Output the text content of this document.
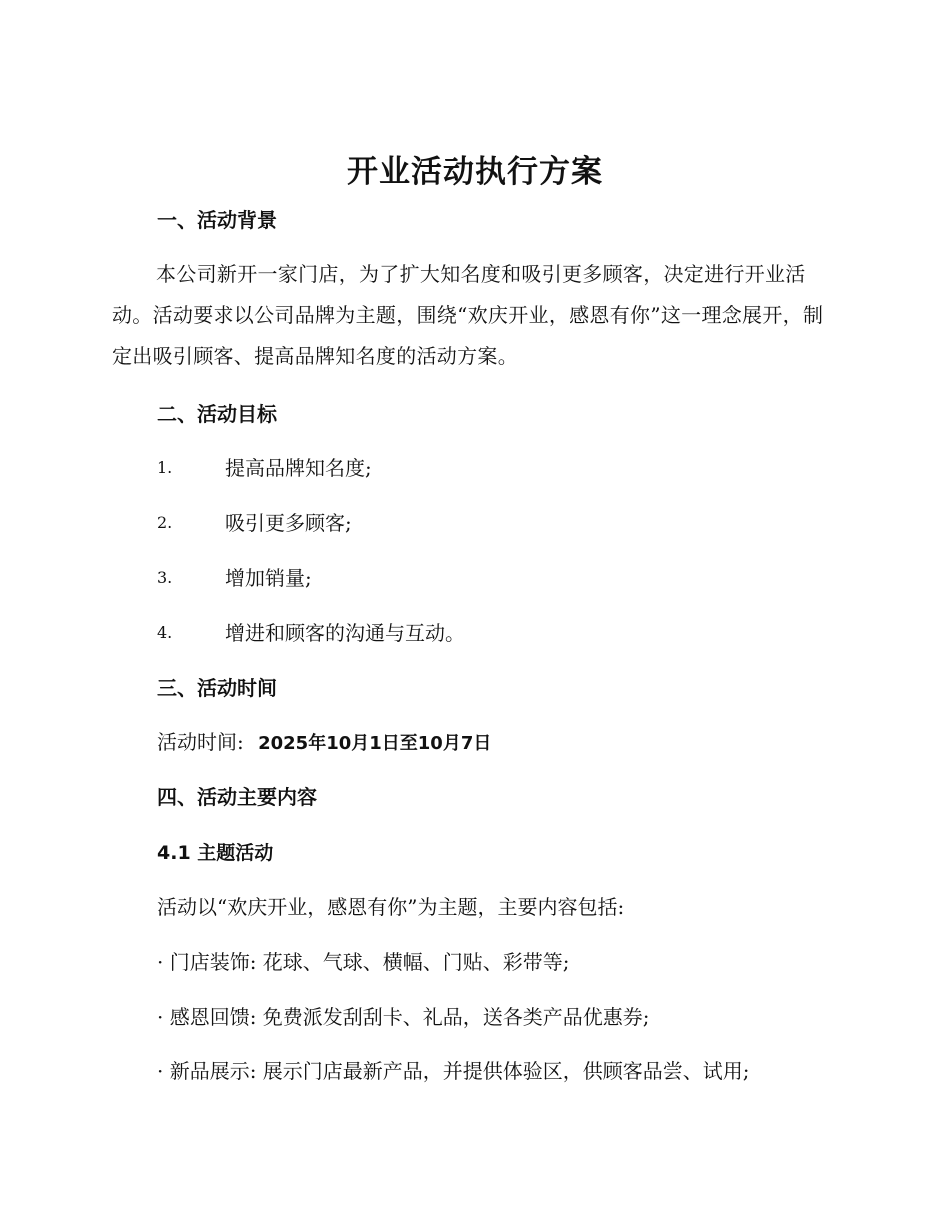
开业活动执行方案
一、活动背景
本公司新开一家门店，为了扩大知名度和吸引更多顾客，决定进行开业活动。活动要求以公司品牌为主题，围绕“欢庆开业，感恩有你”这一理念展开，制定出吸引顾客、提高品牌知名度的活动方案。
二、活动目标
1.	提高品牌知名度;
2.	吸引更多顾客;
3.	增加销量;
4.	增进和顾客的沟通与互动。
三、活动时间
活动时间: 2025年10月1日至10月7日
四、活动主要内容
4.1 主题活动
活动以“欢庆开业，感恩有你”为主题，主要内容包括:
· 门店装饰: 花球、气球、横幅、门贴、彩带等;
· 感恩回馈: 免费派发刮刮卡、礼品，送各类产品优惠券;
· 新品展示: 展示门店最新产品，并提供体验区，供顾客品尝、试用;
